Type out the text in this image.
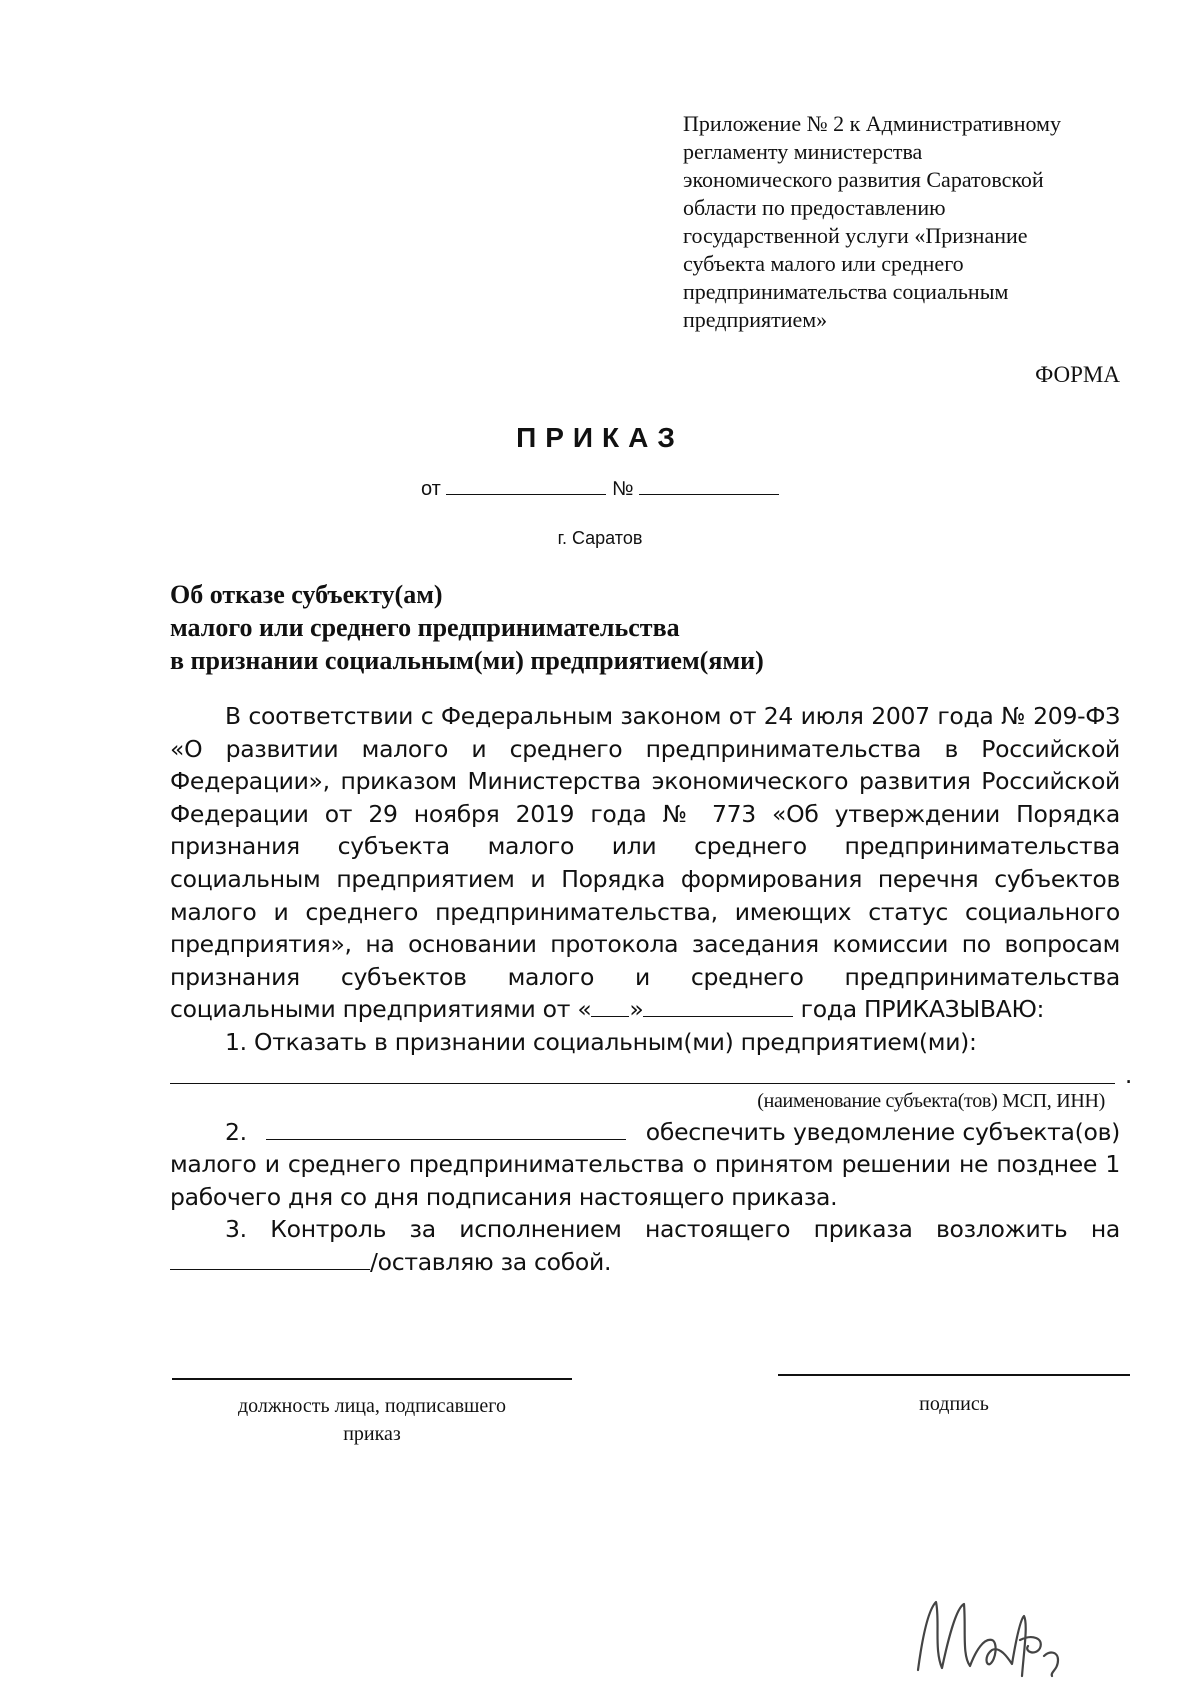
Приложение № 2 к Административному
регламенту министерства
экономического развития Саратовской
области по предоставлению
государственной услуги «Признание
субъекта малого или среднего
предпринимательства социальным
предприятием»
ФОРМА
ПРИКАЗ
от	№
г. Саратов
Об отказе субъекту(ам)
малого или среднего предпринимательства
в признании социальным(ми) предприятием(ями)

В соответствии с Федеральным законом от 24 июля 2007 года № 209-ФЗ «О развитии малого и среднего предпринимательства в Российской Федерации», приказом Министерства экономического развития Российской Федерации от 29 ноября 2019 года № 773 «Об утверждении Порядка признания субъекта малого или среднего предпринимательства социальным предприятием и Порядка формирования перечня субъектов малого и среднего предпринимательства, имеющих статус социального предприятия», на основании протокола заседания комиссии по вопросам признания субъектов малого и среднего предпринимательства социальными предприятиями от « »	года ПРИКАЗЫВАЮ:

1. Отказать в признании социальным(ми) предприятием(ми):

.
(наименование субъекта(тов) МСП, ИНН)

2.	обеспечить уведомление субъекта(ов) малого и среднего предпринимательства о принятом решении не позднее 1 рабочего дня со дня подписания настоящего приказа.

3. Контроль за исполнением настоящего приказа возложить на /оставляю за собой.

должность лица, подписавшего
приказ
подпись
